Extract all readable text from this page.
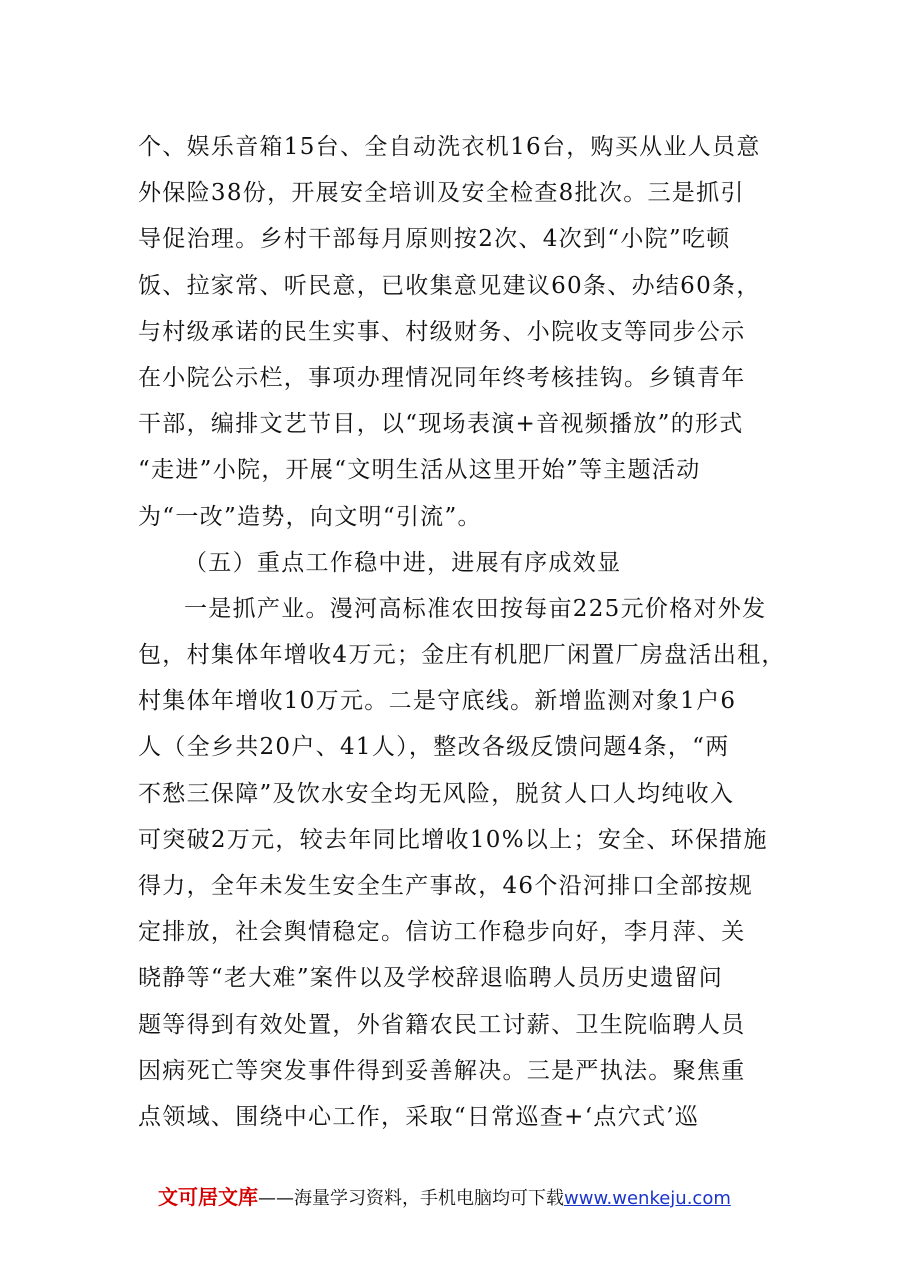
个、娱乐音箱15台、全自动洗衣机16台，购买从业人员意
外保险38份，开展安全培训及安全检查8批次。三是抓引
导促治理。乡村干部每月原则按2次、4次到“小院”吃顿
饭、拉家常、听民意，已收集意见建议60条、办结60条，
与村级承诺的民生实事、村级财务、小院收支等同步公示
在小院公示栏，事项办理情况同年终考核挂钩。乡镇青年
干部，编排文艺节目，以“现场表演+音视频播放”的形式
“走进”小院，开展“文明生活从这里开始”等主题活动
为“一改”造势，向文明“引流”。
（五）重点工作稳中进，进展有序成效显
一是抓产业。漫河高标准农田按每亩225元价格对外发
包，村集体年增收4万元；金庄有机肥厂闲置厂房盘活出租，
村集体年增收10万元。二是守底线。新增监测对象1户6
人（全乡共20户、41人），整改各级反馈问题4条，“两
不愁三保障”及饮水安全均无风险，脱贫人口人均纯收入
可突破2万元，较去年同比增收10%以上；安全、环保措施
得力，全年未发生安全生产事故，46个沿河排口全部按规
定排放，社会舆情稳定。信访工作稳步向好，李月萍、关
晓静等“老大难”案件以及学校辞退临聘人员历史遗留问
题等得到有效处置，外省籍农民工讨薪、卫生院临聘人员
因病死亡等突发事件得到妥善解决。三是严执法。聚焦重
点领域、围绕中心工作，采取“日常巡查+‘点穴式’巡
文可居文库——海量学习资料，手机电脑均可下载www.wenkeju.com
